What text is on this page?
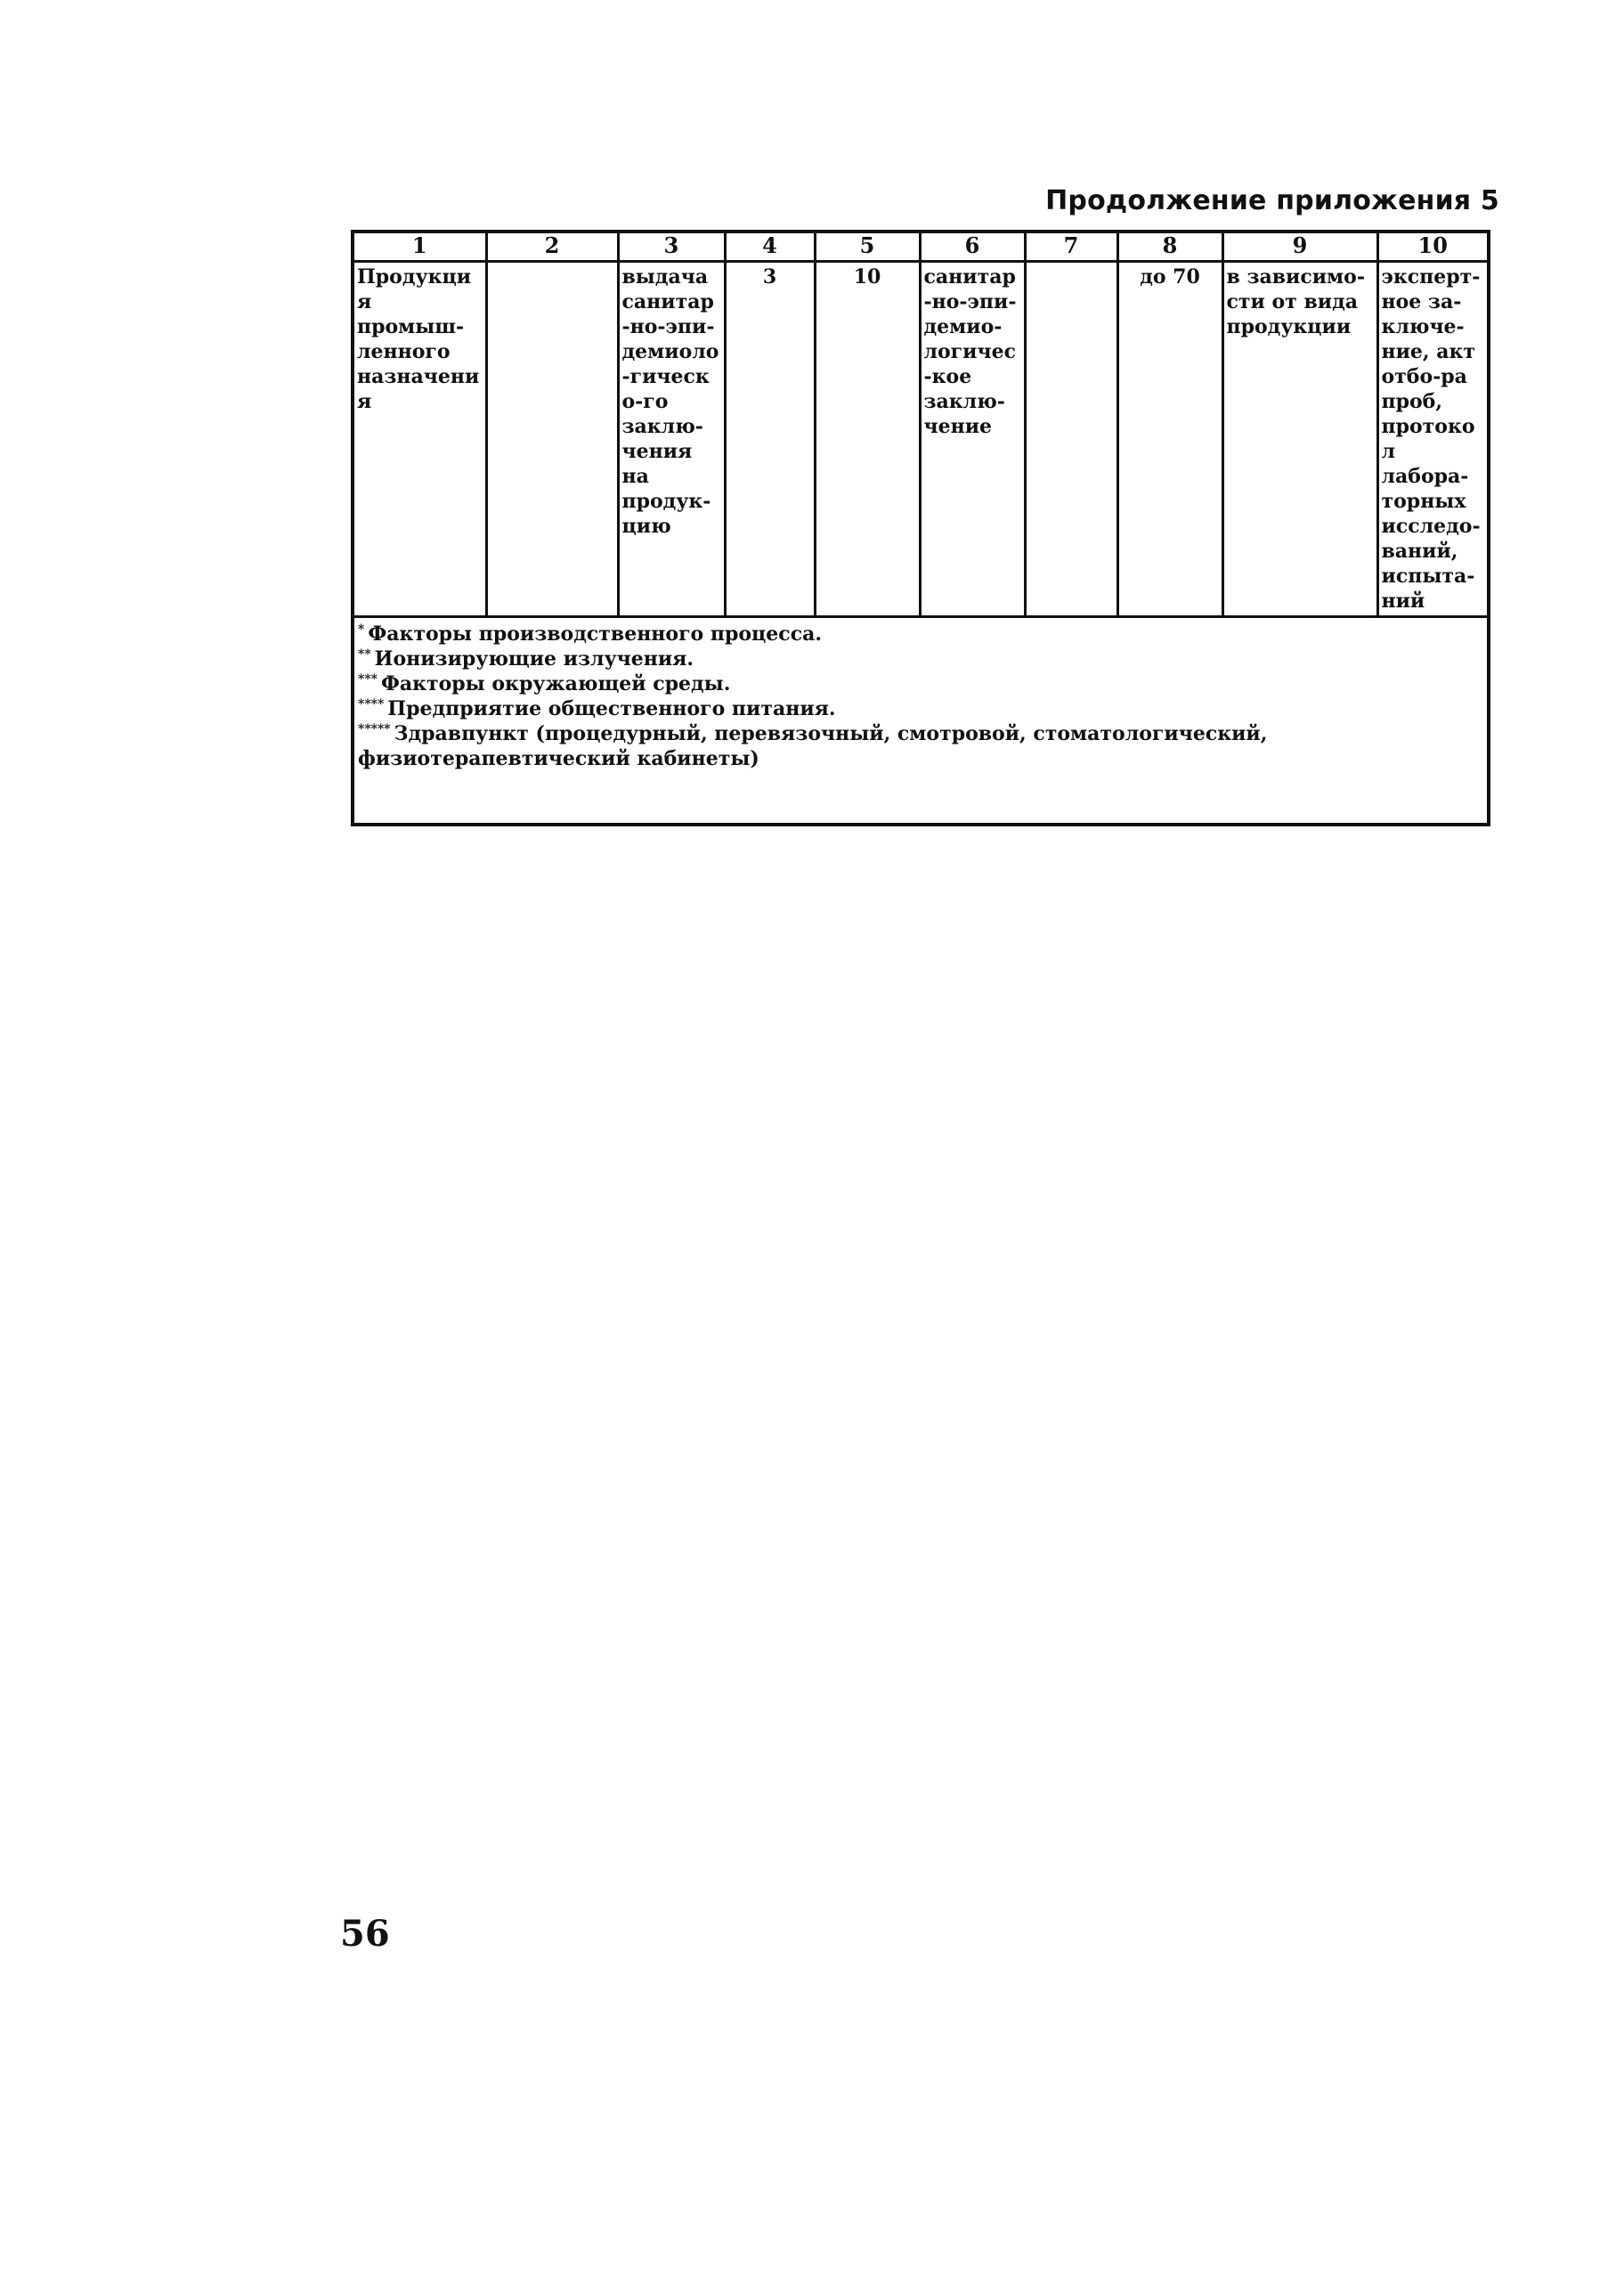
Продолжение приложения 5
1	2	3	4	5	6	7	8	9	10

Продукция промыш-ленного назначения		выдача санитар-но-эпи-демиоло-гическо-го заклю-чения на продук-цию	3	10	санитар-но-эпи-демио-логичес-кое заклю-чение		до 70	в зависимо-сти от вида продукции	эксперт-ное за-ключе-ние, акт отбо-ра проб, протокол лабора-торных исследо-ваний, испыта-ний

* Факторы производственного процесса.
** Ионизирующие излучения.
*** Факторы окружающей среды.
**** Предприятие общественного питания.
***** Здравпункт (процедурный, перевязочный, смотровой, стоматологический, физиотерапевтический кабинеты)									
56
